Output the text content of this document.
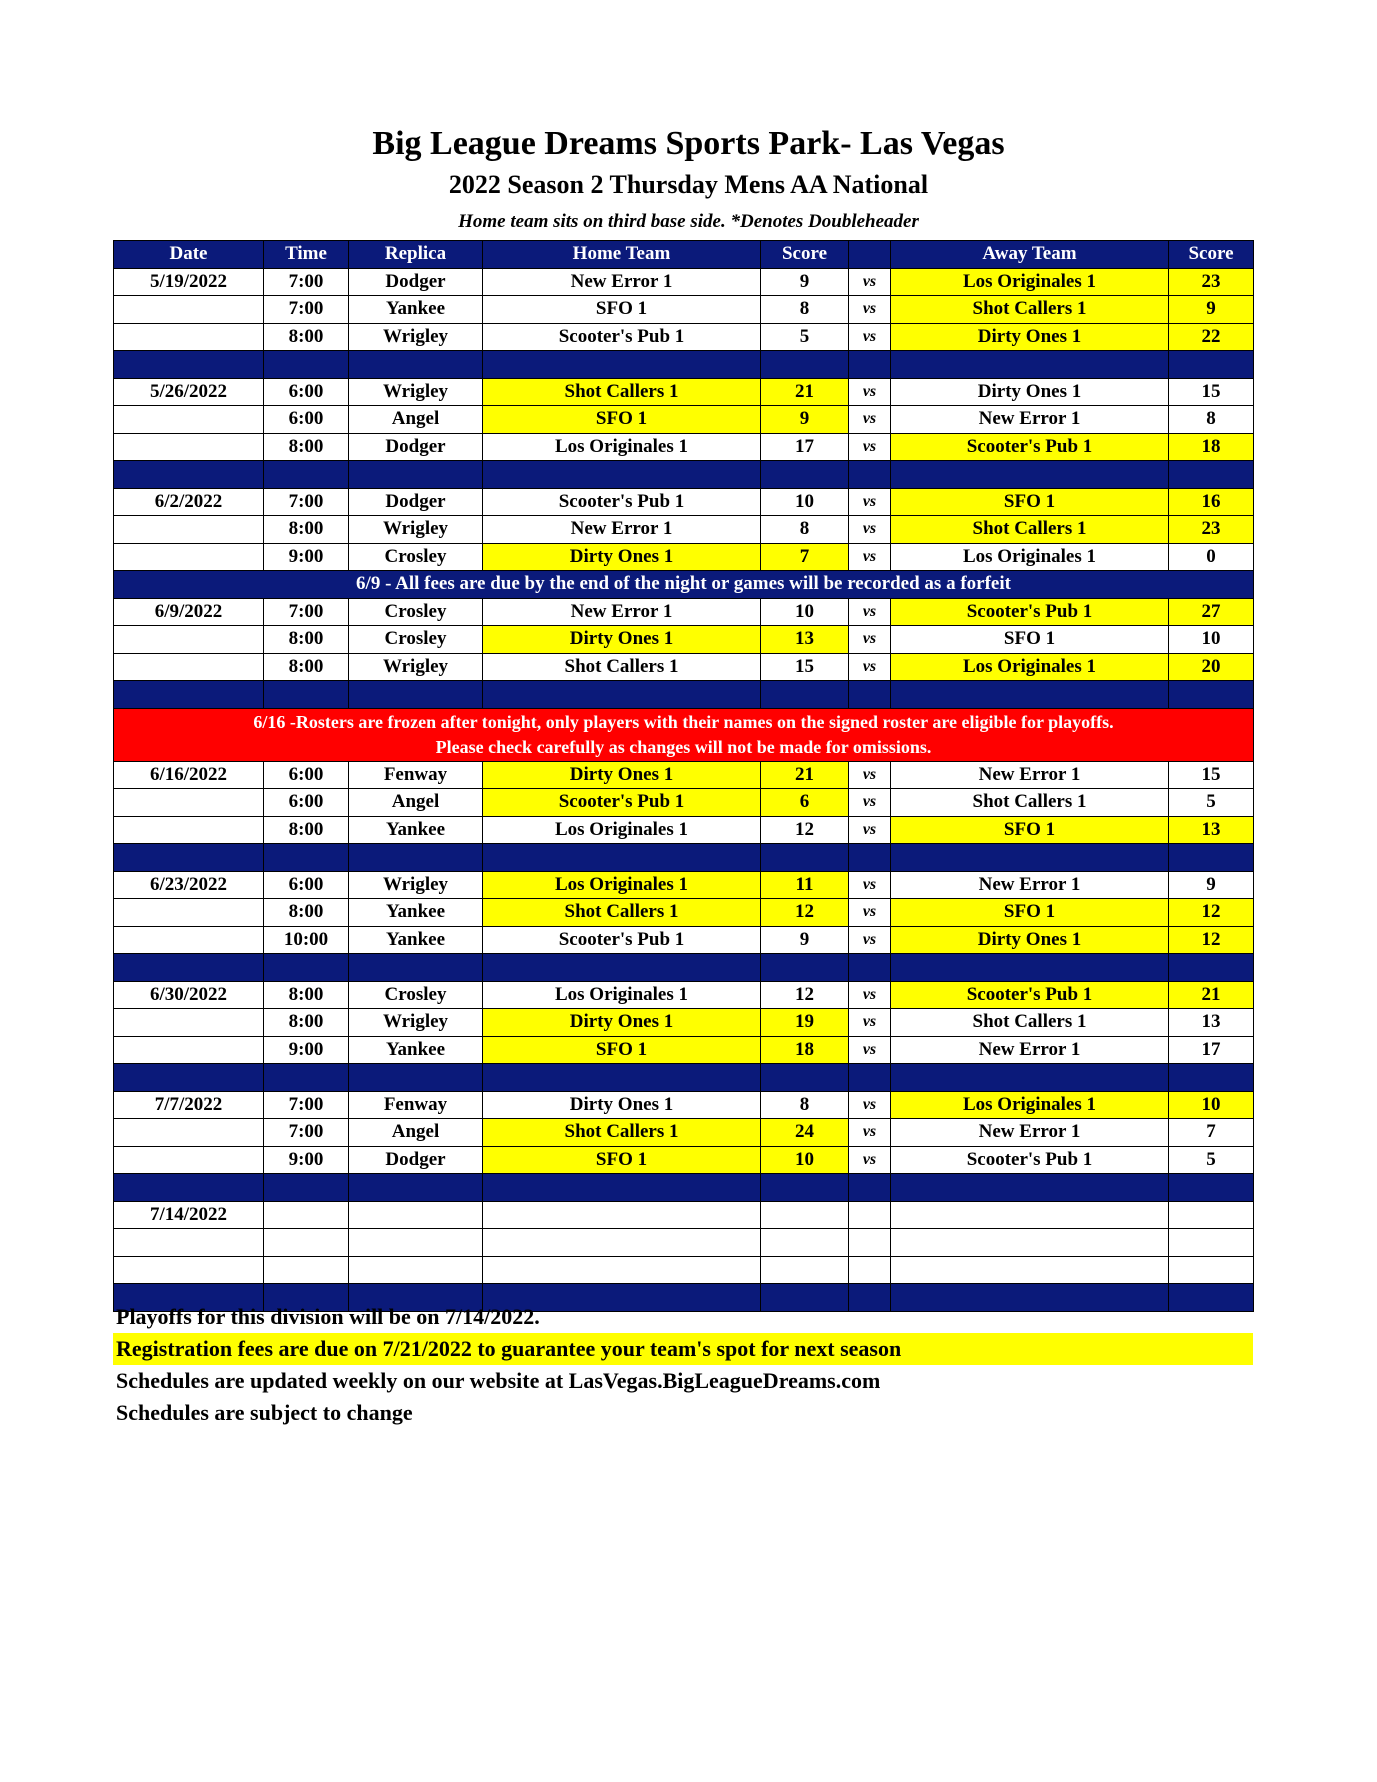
Big League Dreams Sports Park- Las Vegas
2022 Season 2 Thursday Mens AA National
Home team sits on third base side. *Denotes Doubleheader
Date	Time	Replica	Home Team	Score		Away Team	Score
5/19/2022	7:00	Dodger	New Error 1	9	vs	Los Originales 1	23
	7:00	Yankee	SFO 1	8	vs	Shot Callers 1	9
	8:00	Wrigley	Scooter's Pub 1	5	vs	Dirty Ones 1	22

5/26/2022	6:00	Wrigley	Shot Callers 1	21	vs	Dirty Ones 1	15
	6:00	Angel	SFO 1	9	vs	New Error 1	8
	8:00	Dodger	Los Originales 1	17	vs	Scooter's Pub 1	18

6/2/2022	7:00	Dodger	Scooter's Pub 1	10	vs	SFO 1	16
	8:00	Wrigley	New Error 1	8	vs	Shot Callers 1	23
	9:00	Crosley	Dirty Ones 1	7	vs	Los Originales 1	0
6/9 - All fees are due by the end of the night or games will be recorded as a forfeit							
6/9/2022	7:00	Crosley	New Error 1	10	vs	Scooter's Pub 1	27
	8:00	Crosley	Dirty Ones 1	13	vs	SFO 1	10
	8:00	Wrigley	Shot Callers 1	15	vs	Los Originales 1	20

6/16 -Rosters are frozen after tonight, only players with their names on the signed roster are eligible for playoffs.
Please check carefully as changes will not be made for omissions.							

6/16/2022	6:00	Fenway	Dirty Ones 1	21	vs	New Error 1	15
	6:00	Angel	Scooter's Pub 1	6	vs	Shot Callers 1	5
	8:00	Yankee	Los Originales 1	12	vs	SFO 1	13

6/23/2022	6:00	Wrigley	Los Originales 1	11	vs	New Error 1	9
	8:00	Yankee	Shot Callers 1	12	vs	SFO 1	12
	10:00	Yankee	Scooter's Pub 1	9	vs	Dirty Ones 1	12

6/30/2022	8:00	Crosley	Los Originales 1	12	vs	Scooter's Pub 1	21
	8:00	Wrigley	Dirty Ones 1	19	vs	Shot Callers 1	13
	9:00	Yankee	SFO 1	18	vs	New Error 1	17

7/7/2022	7:00	Fenway	Dirty Ones 1	8	vs	Los Originales 1	10
	7:00	Angel	Shot Callers 1	24	vs	New Error 1	7
	9:00	Dodger	SFO 1	10	vs	Scooter's Pub 1	5

7/14/2022							

Playoffs for this division will be on 7/14/2022.
Registration fees are due on 7/21/2022 to guarantee your team's spot for next season
Schedules are updated weekly on our website at LasVegas.BigLeagueDreams.com
Schedules are subject to change
